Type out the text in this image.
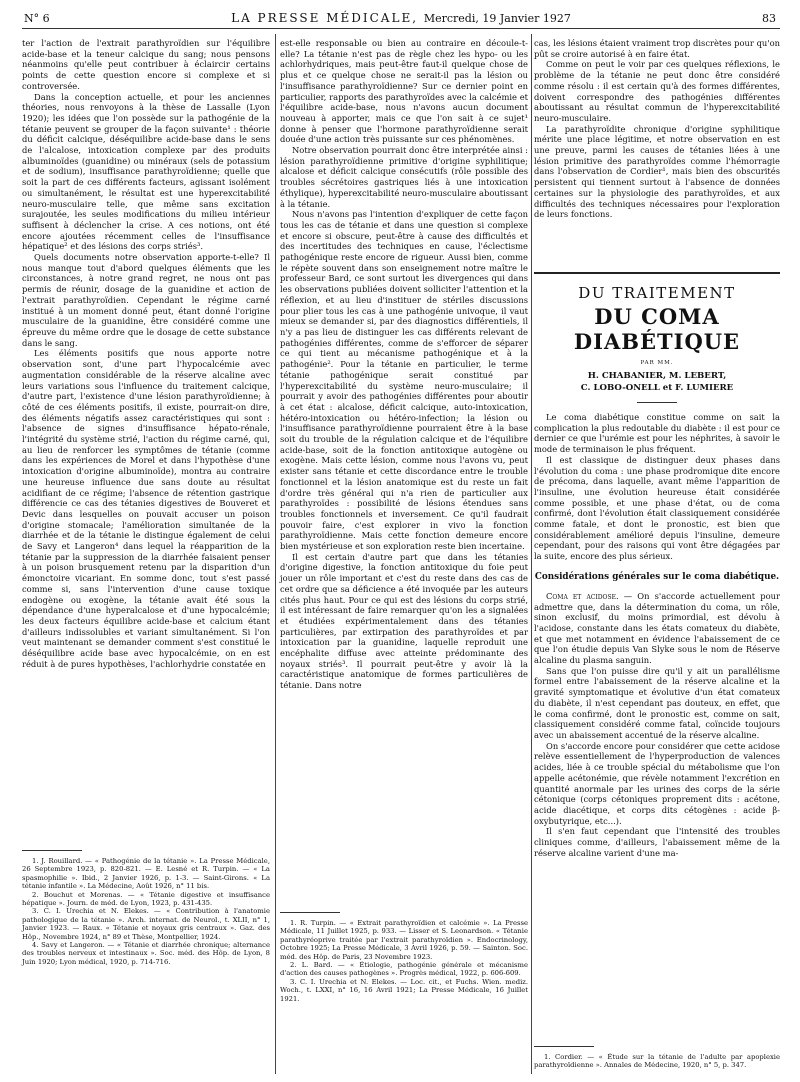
N° 6	LA PRESSE MÉDICALE, Mercredi, 19 Janvier 1927	83

ter l'action de l'extrait parathyroïdien sur l'équilibre acide-base et la teneur calcique du sang; nous pensons néanmoins qu'elle peut contribuer à éclaircir certains points de cette question encore si complexe et si controversée.

Dans la conception actuelle, et pour les anciennes théories, nous renvoyons à la thèse de Lassalle (Lyon 1920); les idées que l'on possède sur la pathogénie de la tétanie peuvent se grouper de la façon suivante¹ : théorie du déficit calcique, déséquilibre acide-base dans le sens de l'alcalose, intoxication complexe par des produits albuminoïdes (guanidine) ou minéraux (sels de potassium et de sodium), insuffisance parathyroïdienne; quelle que soit la part de ces différents facteurs, agissant isolément ou simultanément, le résultat est une hyperexcitabilité neuro-musculaire telle, que même sans excitation surajoutée, les seules modifications du milieu intérieur suffisent à déclencher la crise. A ces notions, ont été encore ajoutées récemment celles de l'insuffisance hépatique² et des lésions des corps striés³.

Quels documents notre observation apporte-t-elle? Il nous manque tout d'abord quelques éléments que les circonstances, à notre grand regret, ne nous ont pas permis de réunir, dosage de la guanidine et action de l'extrait parathyroïdien. Cependant le régime carné institué à un moment donné peut, étant donné l'origine musculaire de la guanidine, être considéré comme une épreuve du même ordre que le dosage de cette substance dans le sang.

Les éléments positifs que nous apporte notre observation sont, d'une part l'hypocalcémie avec augmentation considérable de la réserve alcaline avec leurs variations sous l'influence du traitement calcique, d'autre part, l'existence d'une lésion parathyroïdienne; à côté de ces éléments positifs, il existe, pourrait-on dire, des éléments négatifs assez caractéristiques qui sont : l'absence de signes d'insuffisance hépato-rénale, l'intégrité du système strié, l'action du régime carné, qui, au lieu de renforcer les symptômes de tétanie (comme dans les expériences de Morel et dans l'hypothèse d'une intoxication d'origine albuminoïde), montra au contraire une heureuse influence due sans doute au résultat acidifiant de ce régime; l'absence de rétention gastrique différencie ce cas des tétanies digestives de Bouveret et Devic dans lesquelles on pouvait accuser un poison d'origine stomacale; l'amélioration simultanée de la diarrhée et de la tétanie le distingue également de celui de Savy et Langeron⁴ dans lequel la réapparition de la tétanie par la suppression de la diarrhée faisaient penser à un poison brusquement retenu par la disparition d'un émonctoire vicariant. En somme donc, tout s'est passé comme si, sans l'intervention d'une cause toxique endogène ou exogène, la tétanie avait été sous la dépendance d'une hyperalcalose et d'une hypocalcémie; les deux facteurs équilibre acide-base et calcium étant d'ailleurs indissolubles et variant simultanément. Si l'on veut maintenant se demander comment s'est constitué le déséquilibre acide base avec hypocalcémie, on en est réduit à de pures hypothèses, l'achlorhydrie constatée en

est-elle responsable ou bien au contraire en découle-t-elle? La tétanie n'est pas de règle chez les hypo- ou les achlorhydriques, mais peut-être faut-il quelque chose de plus et ce quelque chose ne serait-il pas la lésion ou l'insuffisance parathyroïdienne? Sur ce dernier point en particulier, rapports des parathyroïdes avec la calcémie et l'équilibre acide-base, nous n'avons aucun document nouveau à apporter, mais ce que l'on sait à ce sujet¹ donne à penser que l'hormone parathyroïdienne serait douée d'une action très puissante sur ces phénomènes.

Notre observation pourrait donc être interprétée ainsi : lésion parathyroïdienne primitive d'origine syphilitique; alcalose et déficit calcique consécutifs (rôle possible des troubles sécrétoires gastriques liés à une intoxication éthylique), hyperexcitabilité neuro-musculaire aboutissant à la tétanie.

Nous n'avons pas l'intention d'expliquer de cette façon tous les cas de tétanie et dans une question si complexe et encore si obscure, peut-être à cause des difficultés et des incertitudes des techniques en cause, l'éclectisme pathogénique reste encore de rigueur. Aussi bien, comme le répète souvent dans son enseignement notre maître le professeur Bard, ce sont surtout les divergences qui dans les observations publiées doivent solliciter l'attention et la réflexion, et au lieu d'instituer de stériles discussions pour plier tous les cas à une pathogénie univoque, il vaut mieux se demander si, par des diagnostics différentiels, il n'y a pas lieu de distinguer les cas différents relevant de pathogénies différentes, comme de s'efforcer de séparer ce qui tient au mécanisme pathogénique et à la pathogénie². Pour la tétanie en particulier, le terme tétanie pathogénique serait constitué par l'hyperexcitabilité du système neuro-musculaire; il pourrait y avoir des pathogénies différentes pour aboutir à cet état : alcalose, déficit calcique, auto-intoxication, hétéro-intoxication ou hétéro-infection; la lésion ou l'insuffisance parathyroïdienne pourraient être à la base soit du trouble de la régulation calcique et de l'équilibre acide-base, soit de la fonction antitoxique autogène ou exogène. Mais cette lésion, comme nous l'avons vu, peut exister sans tétanie et cette discordance entre le trouble fonctionnel et la lésion anatomique est du reste un fait d'ordre très général qui n'a rien de particulier aux parathyroïdes : possibilité de lésions étendues sans troubles fonctionnels et inversement. Ce qu'il faudrait pouvoir faire, c'est explorer in vivo la fonction parathyroïdienne. Mais cette fonction demeure encore bien mystérieuse et son exploration reste bien incertaine.

Il est certain d'autre part que dans les tétanies d'origine digestive, la fonction antitoxique du foie peut jouer un rôle important et c'est du reste dans des cas de cet ordre que sa déficience a été invoquée par les auteurs cités plus haut. Pour ce qui est des lésions du corps strié, il est intéressant de faire remarquer qu'on les a signalées et étudiées expérimentalement dans des tétanies particulières, par extirpation des parathyroïdes et par intoxication par la guanidine, laquelle reproduit une encéphalite diffuse avec atteinte prédominante des noyaux striés³. Il pourrait peut-être y avoir là la caractéristique anatomique de formes particulières de tétanie. Dans notre

cas, les lésions étaient vraiment trop discrètes pour qu'on pût se croire autorisé à en faire état.

Comme on peut le voir par ces quelques réflexions, le problème de la tétanie ne peut donc être considéré comme résolu : il est certain qu'à des formes différentes, doivent correspondre des pathogénies différentes aboutissant au résultat commun de l'hyperexcitabilité neuro-musculaire.

La parathyroïdite chronique d'origine syphilitique mérite une place légitime, et notre observation en est une preuve, parmi les causes de tétanies liées à une lésion primitive des parathyroïdes comme l'hémorragie dans l'observation de Cordier¹, mais bien des obscurités persistent qui tiennent surtout à l'absence de données certaines sur la physiologie des parathyroïdes, et aux difficultés des techniques nécessaires pour l'exploration de leurs fonctions.

DU TRAITEMENT
DU COMA DIABÉTIQUE
PAR MM.
H. CHABANIER, M. LEBERT,
C. LOBO-ONELL et F. LUMIERE

Le coma diabétique constitue comme on sait la complication la plus redoutable du diabète : il est pour ce dernier ce que l'urémie est pour les néphrites, à savoir le mode de terminaison le plus fréquent.

Il est classique de distinguer deux phases dans l'évolution du coma : une phase prodromique dite encore de précoma, dans laquelle, avant même l'apparition de l'insuline, une évolution heureuse était considérée comme possible, et une phase d'état, ou de coma confirmé, dont l'évolution était classiquement considérée comme fatale, et dont le pronostic, est bien que considérablement amélioré depuis l'insuline, demeure cependant, pour des raisons qui vont être dégagées par la suite, encore des plus sérieux.

Considérations générales sur le coma diabétique.

Coma et acidose. — On s'accorde actuellement pour admettre que, dans la détermination du coma, un rôle, sinon exclusif, du moins primordial, est dévolu à l'acidose, constante dans les états comateux du diabète, et que met notamment en évidence l'abaissement de ce que l'on étudie depuis Van Slyke sous le nom de Réserve alcaline du plasma sanguin.

Sans que l'on puisse dire qu'il y ait un parallélisme formel entre l'abaissement de la réserve alcaline et la gravité symptomatique et évolutive d'un état comateux du diabète, il n'est cependant pas douteux, en effet, que le coma confirmé, dont le pronostic est, comme on sait, classiquement considéré comme fatal, coïncide toujours avec un abaissement accentué de la réserve alcaline.

On s'accorde encore pour considérer que cette acidose relève essentiellement de l'hyperproduction de valences acides, liée à ce trouble spécial du métabolisme que l'on appelle acétonémie, que révèle notamment l'excrétion en quantité anormale par les urines des corps de la série cétonique (corps cétoniques proprement dits : acétone, acide diacétique, et corps dits cétogènes : acide β-oxybutyrique, etc...).

Il s'en faut cependant que l'intensité des troubles cliniques comme, d'ailleurs, l'abaissement même de la réserve alcaline varient d'une ma-

1. J. Rouillard. — « Pathogénie de la tétanie ». La Presse Médicale, 26 Septembre 1923, p. 820-821. — E. Lesné et R. Turpin. — « La spasmophilie ». Ibid., 2 Janvier 1926, p. 1-3. — Saint-Girons. « La tétanie infantile ». La Médecine, Août 1926, n° 11 bis.

2. Bouchut et Morenas. — « Tétanie digestive et insuffisance hépatique ». Journ. de méd. de Lyon, 1923, p. 431-435.

3. C. I. Urechia et N. Elekes. — « Contribution à l'anatomie pathologique de la tétanie ». Arch. internat. de Neurol., t. XLII, n° 1, Janvier 1923. — Raux. « Tétanie et noyaux gris centraux ». Gaz. des Hôp., Novembre 1924, n° 89 et Thèse, Montpellier, 1924.

4. Savy et Langeron. — « Tétanie et diarrhée chronique; alternance des troubles nerveux et intestinaux ». Soc. méd. des Hôp. de Lyon, 8 Juin 1920; Lyon médical, 1920, p. 714-716.

1. R. Turpin. — « Extrait parathyroïdien et calcémie ». La Presse Médicale, 11 Juillet 1925, p. 933. — Lisser et S. Leonardson. « Tétanie parathyréoprive traitée par l'extrait parathyroïdien ». Endocrinology, Octobre 1925; La Presse Médicale, 3 Avril 1926, p. 59. — Sainton. Soc. méd. des Hôp. de Paris, 23 Novembre 1923.

2. L. Bard. — « Étiologie, pathogénie générale et mécanisme d'action des causes pathogènes ». Progrès médical, 1922, p. 606-609.

3. C. I. Urechia et N. Elekes. — Loc. cit., et Fuchs. Wien. mediz. Woch., t. LXXI, n° 16, 16 Avril 1921; La Presse Médicale, 16 Juillet 1921.

1. Cordier. — « Étude sur la tétanie de l'adulte par apoplexie parathyroïdienne ». Annales de Médecine, 1920, n° 5, p. 347.
